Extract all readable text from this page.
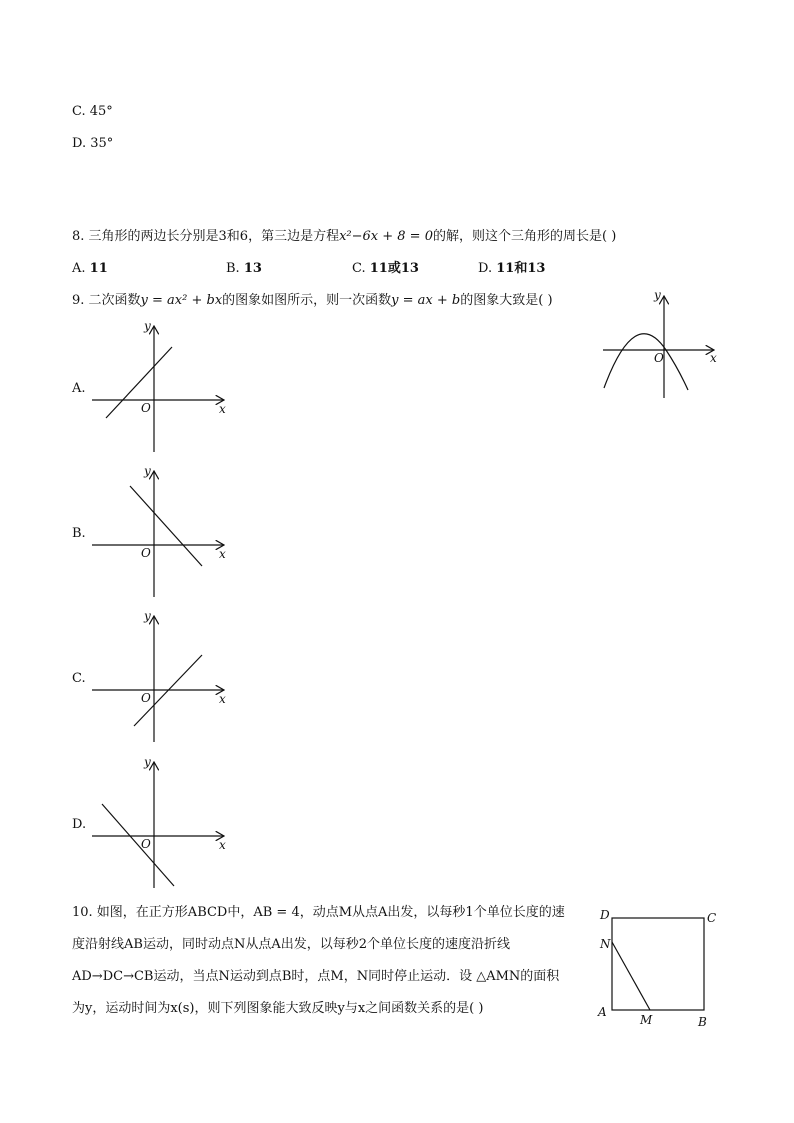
C. 45°
D. 35°
8. 三角形的两边长分别是3和6，第三边是方程x²−6x + 8 = 0的解，则这个三角形的周长是( )
A. 11	B. 13	C. 11或13	D. 11和13
9. 二次函数y = ax² + bx的图象如图所示，则一次函数y = ax + b的图象大致是( )
O	x
y
A.
B.
C.
D.
O	x
y
O	x
y
O	x
y
O	x
y
10. 如图，在正方形ABCD中，AB = 4，动点M从点A出发，以每秒1个单位长度的速
度沿射线AB运动，同时动点N从点A出发，以每秒2个单位长度的速度沿折线
AD→DC→CB运动，当点N运动到点B时，点M，N同时停止运动．设 △AMN的面积
为y，运动时间为x(s)，则下列图象能大致反映y与x之间函数关系的是( )
D	C
A
B
N
M
